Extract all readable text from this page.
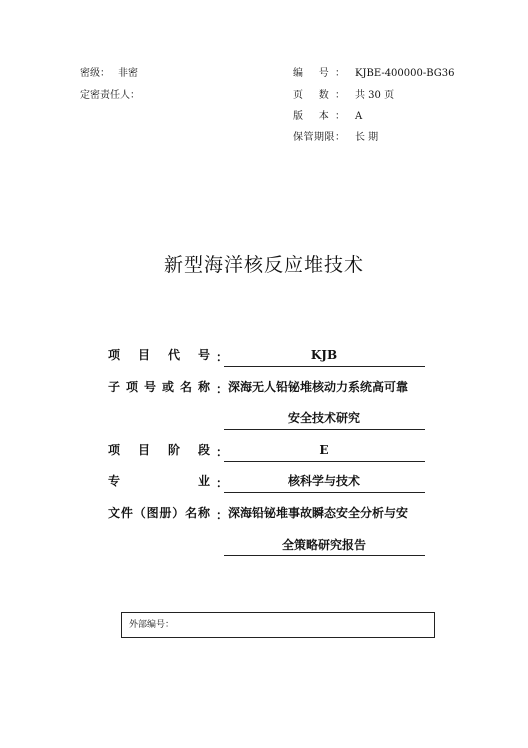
密级： 非密
定密责任人：
编 号： KJBE-400000-BG36
页 数： 共 30 页
版 本： A
保管期限： 长 期
新型海洋核反应堆技术
项目代号 ：	KJB
子项号或名称 ： 深海无人铅铋堆核动力系统高可靠
安全技术研究
项目阶段 ：	E
专业 ：	核科学与技术
文件（图册）名称 ： 深海铅铋堆事故瞬态安全分析与安
全策略研究报告
外部编号：
